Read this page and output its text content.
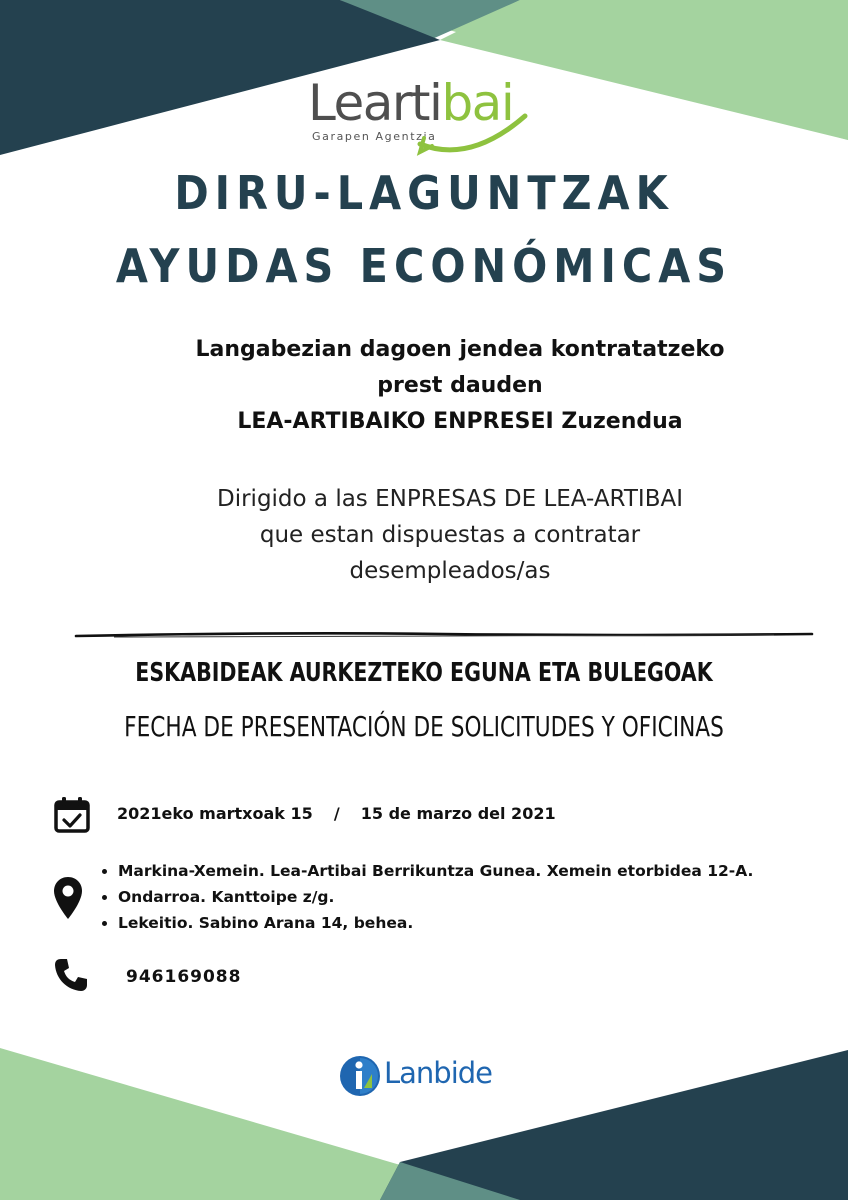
Leartibai
Garapen Agentzia
DIRU-LAGUNTZAK
AYUDAS ECONÓMICAS
Langabezian dagoen jendea kontratatzeko
prest dauden
LEA-ARTIBAIKO ENPRESEI Zuzendua
Dirigido a las ENPRESAS DE LEA-ARTIBAI
que estan dispuestas a contratar
desempleados/as
ESKABIDEAK AURKEZTEKO EGUNA ETA BULEGOAK
FECHA DE PRESENTACIÓN DE SOLICITUDES Y OFICINAS
2021eko martxoak 15 / 15 de marzo del 2021
• Markina-Xemein. Lea-Artibai Berrikuntza Gunea. Xemein etorbidea 12-A.
• Ondarroa. Kanttoipe z/g.
• Lekeitio. Sabino Arana 14, behea.
946169088
Lanbide
